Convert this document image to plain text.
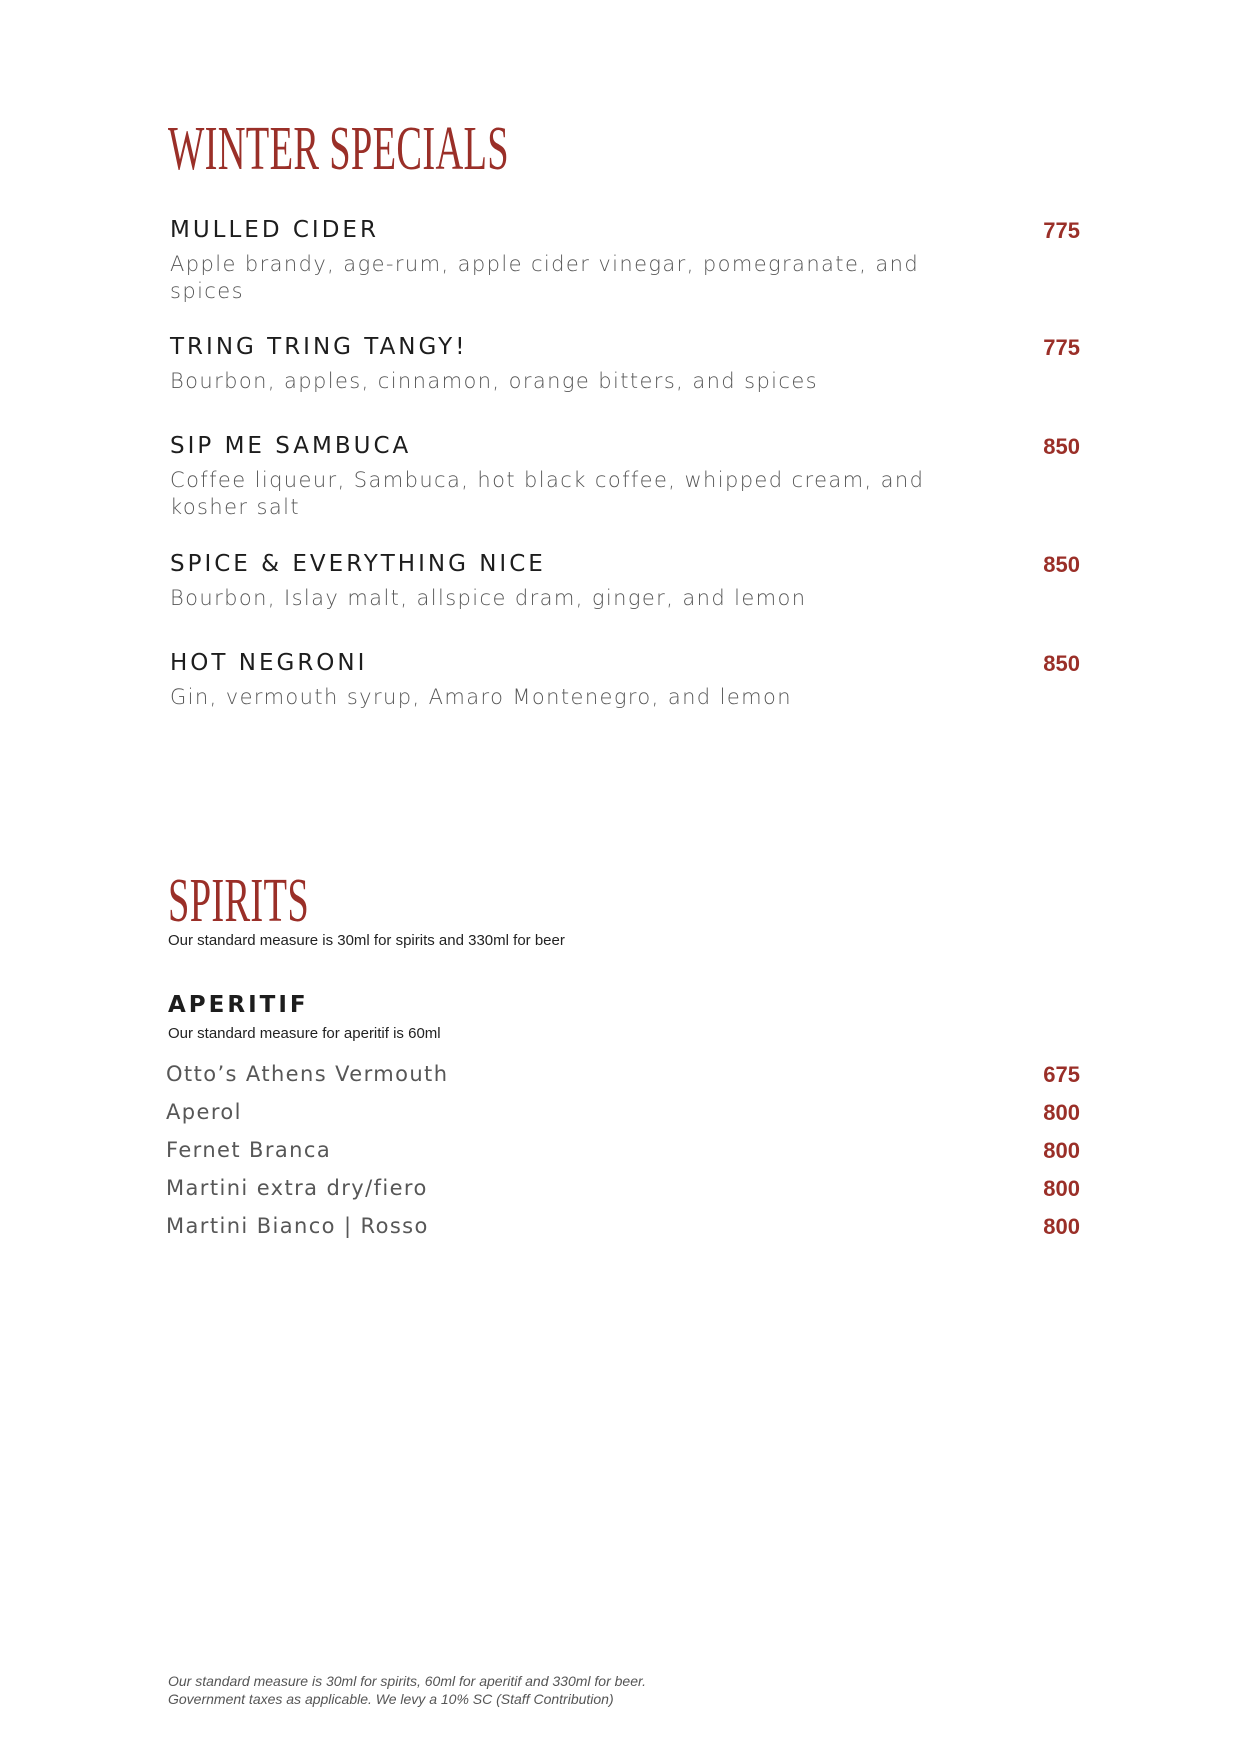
WINTER SPECIALS
MULLED CIDER	775
Apple brandy, age-rum, apple cider vinegar, pomegranate, and spices
TRING TRING TANGY!	775
Bourbon, apples, cinnamon, orange bitters, and spices
SIP ME SAMBUCA	850
Coffee liqueur, Sambuca, hot black coffee, whipped cream, and kosher salt
SPICE & EVERYTHING NICE	850
Bourbon, Islay malt, allspice dram, ginger, and lemon
HOT NEGRONI	850
Gin, vermouth syrup, Amaro Montenegro, and lemon
SPIRITS
Our standard measure is 30ml for spirits and 330ml for beer
APERITIF
Our standard measure for aperitif is 60ml
Otto’s Athens Vermouth	675
Aperol	800
Fernet Branca	800
Martini extra dry/fiero	800
Martini Bianco | Rosso	800
Our standard measure is 30ml for spirits, 60ml for aperitif and 330ml for beer.
Government taxes as applicable. We levy a 10% SC (Staff Contribution)
